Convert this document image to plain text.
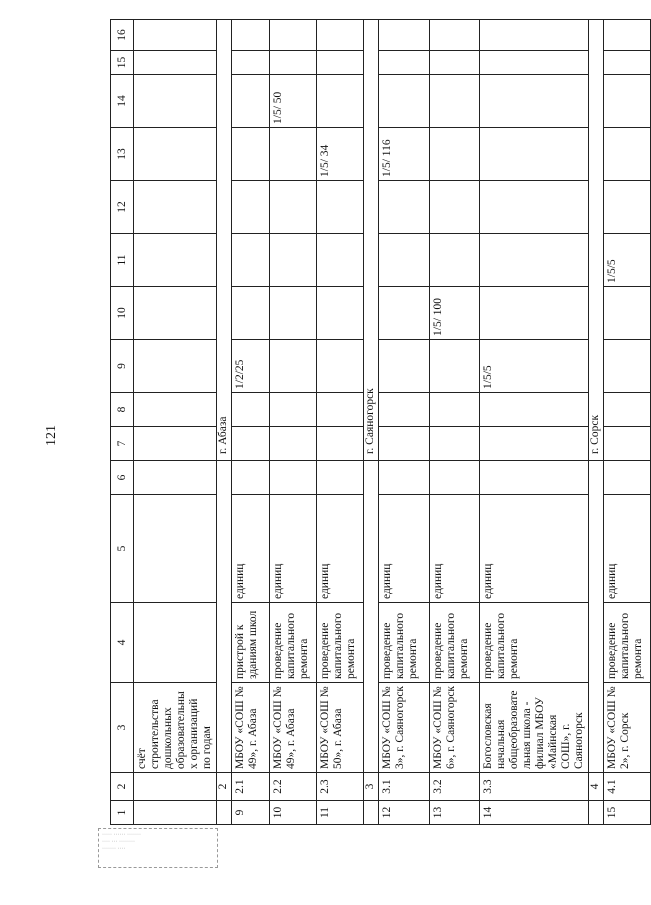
121
····· ······ ·······
···· ··· ········
······· ····
1	2	3	4	5	6	7	8	9	10	11	12	13	14	15	16
		счёт строительства дошкольных образовательных организаций по годам													
	2					г. Абаза									
9	2.1	МБОУ «СОШ № 49», г. Абаза	пристрой к зданиям школ	единиц				1/2/25							
10	2.2	МБОУ «СОШ № 49», г. Абаза	проведение капитального ремонта	единиц									1/5/ 50		
11	2.3	МБОУ «СОШ № 50», г. Абаза	проведение капитального ремонта	единиц								1/5/ 34			
	3					г. Саяногорск									
12	3.1	МБОУ «СОШ № 3», г. Саяногорск	проведение капитального ремонта	единиц								1/5/ 116			
13	3.2	МБОУ «СОШ № 6», г. Саяногорск	проведение капитального ремонта	единиц					1/5/ 100						
14	3.3	Богословская начальная общеобразовательная школа - филиал МБОУ «Майнская СОШ», г. Саяногорск	проведение капитального ремонта	единиц				1/5/5							
	4					г. Сорск									
15	4.1	МБОУ «СОШ № 2», г. Сорск	проведение капитального ремонта	единиц						1/5/5					
